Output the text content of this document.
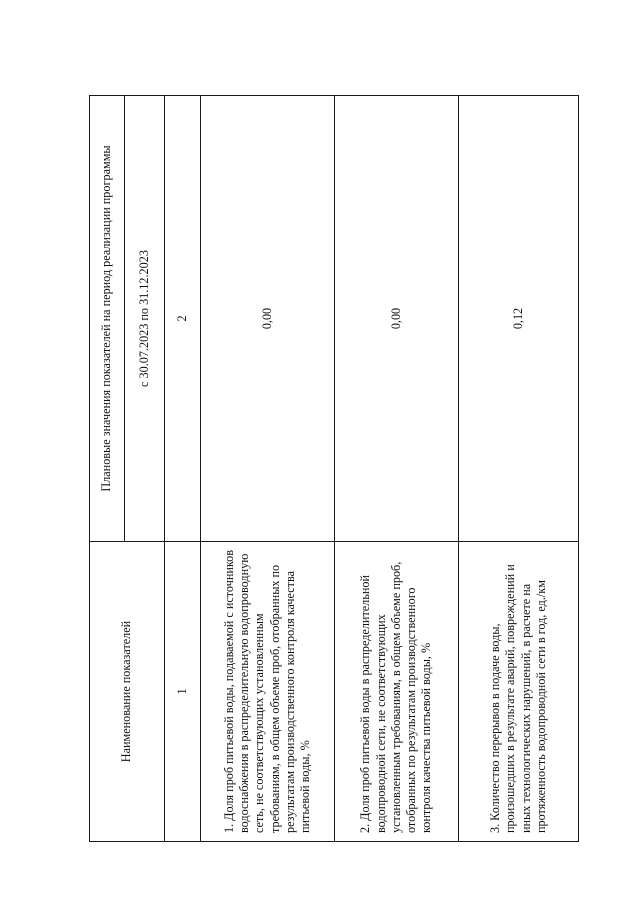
Наименование показателей	Плановые значения показателей на период реализации программы
	с 30.07.2023 по 31.12.2023
1	2
1. Доля проб питьевой воды, подаваемой с источников водоснабжения в распределительную водопроводную сеть, не соответствующих установленным требованиям, в общем объеме проб, отобранных по результатам производственного контроля качества питьевой воды, %	0,00
2. Доля проб питьевой воды в распределительной водопроводной сети, не соответствующих установленным требованиям, в общем объеме проб, отобранных по результатам производственного контроля качества питьевой воды, %	0,00
3. Количество перерывов в подаче воды, произошедших в результате аварий, повреждений и иных технологических нарушений, в расчете на протяженность водопроводной сети в год, ед./км	0,12
